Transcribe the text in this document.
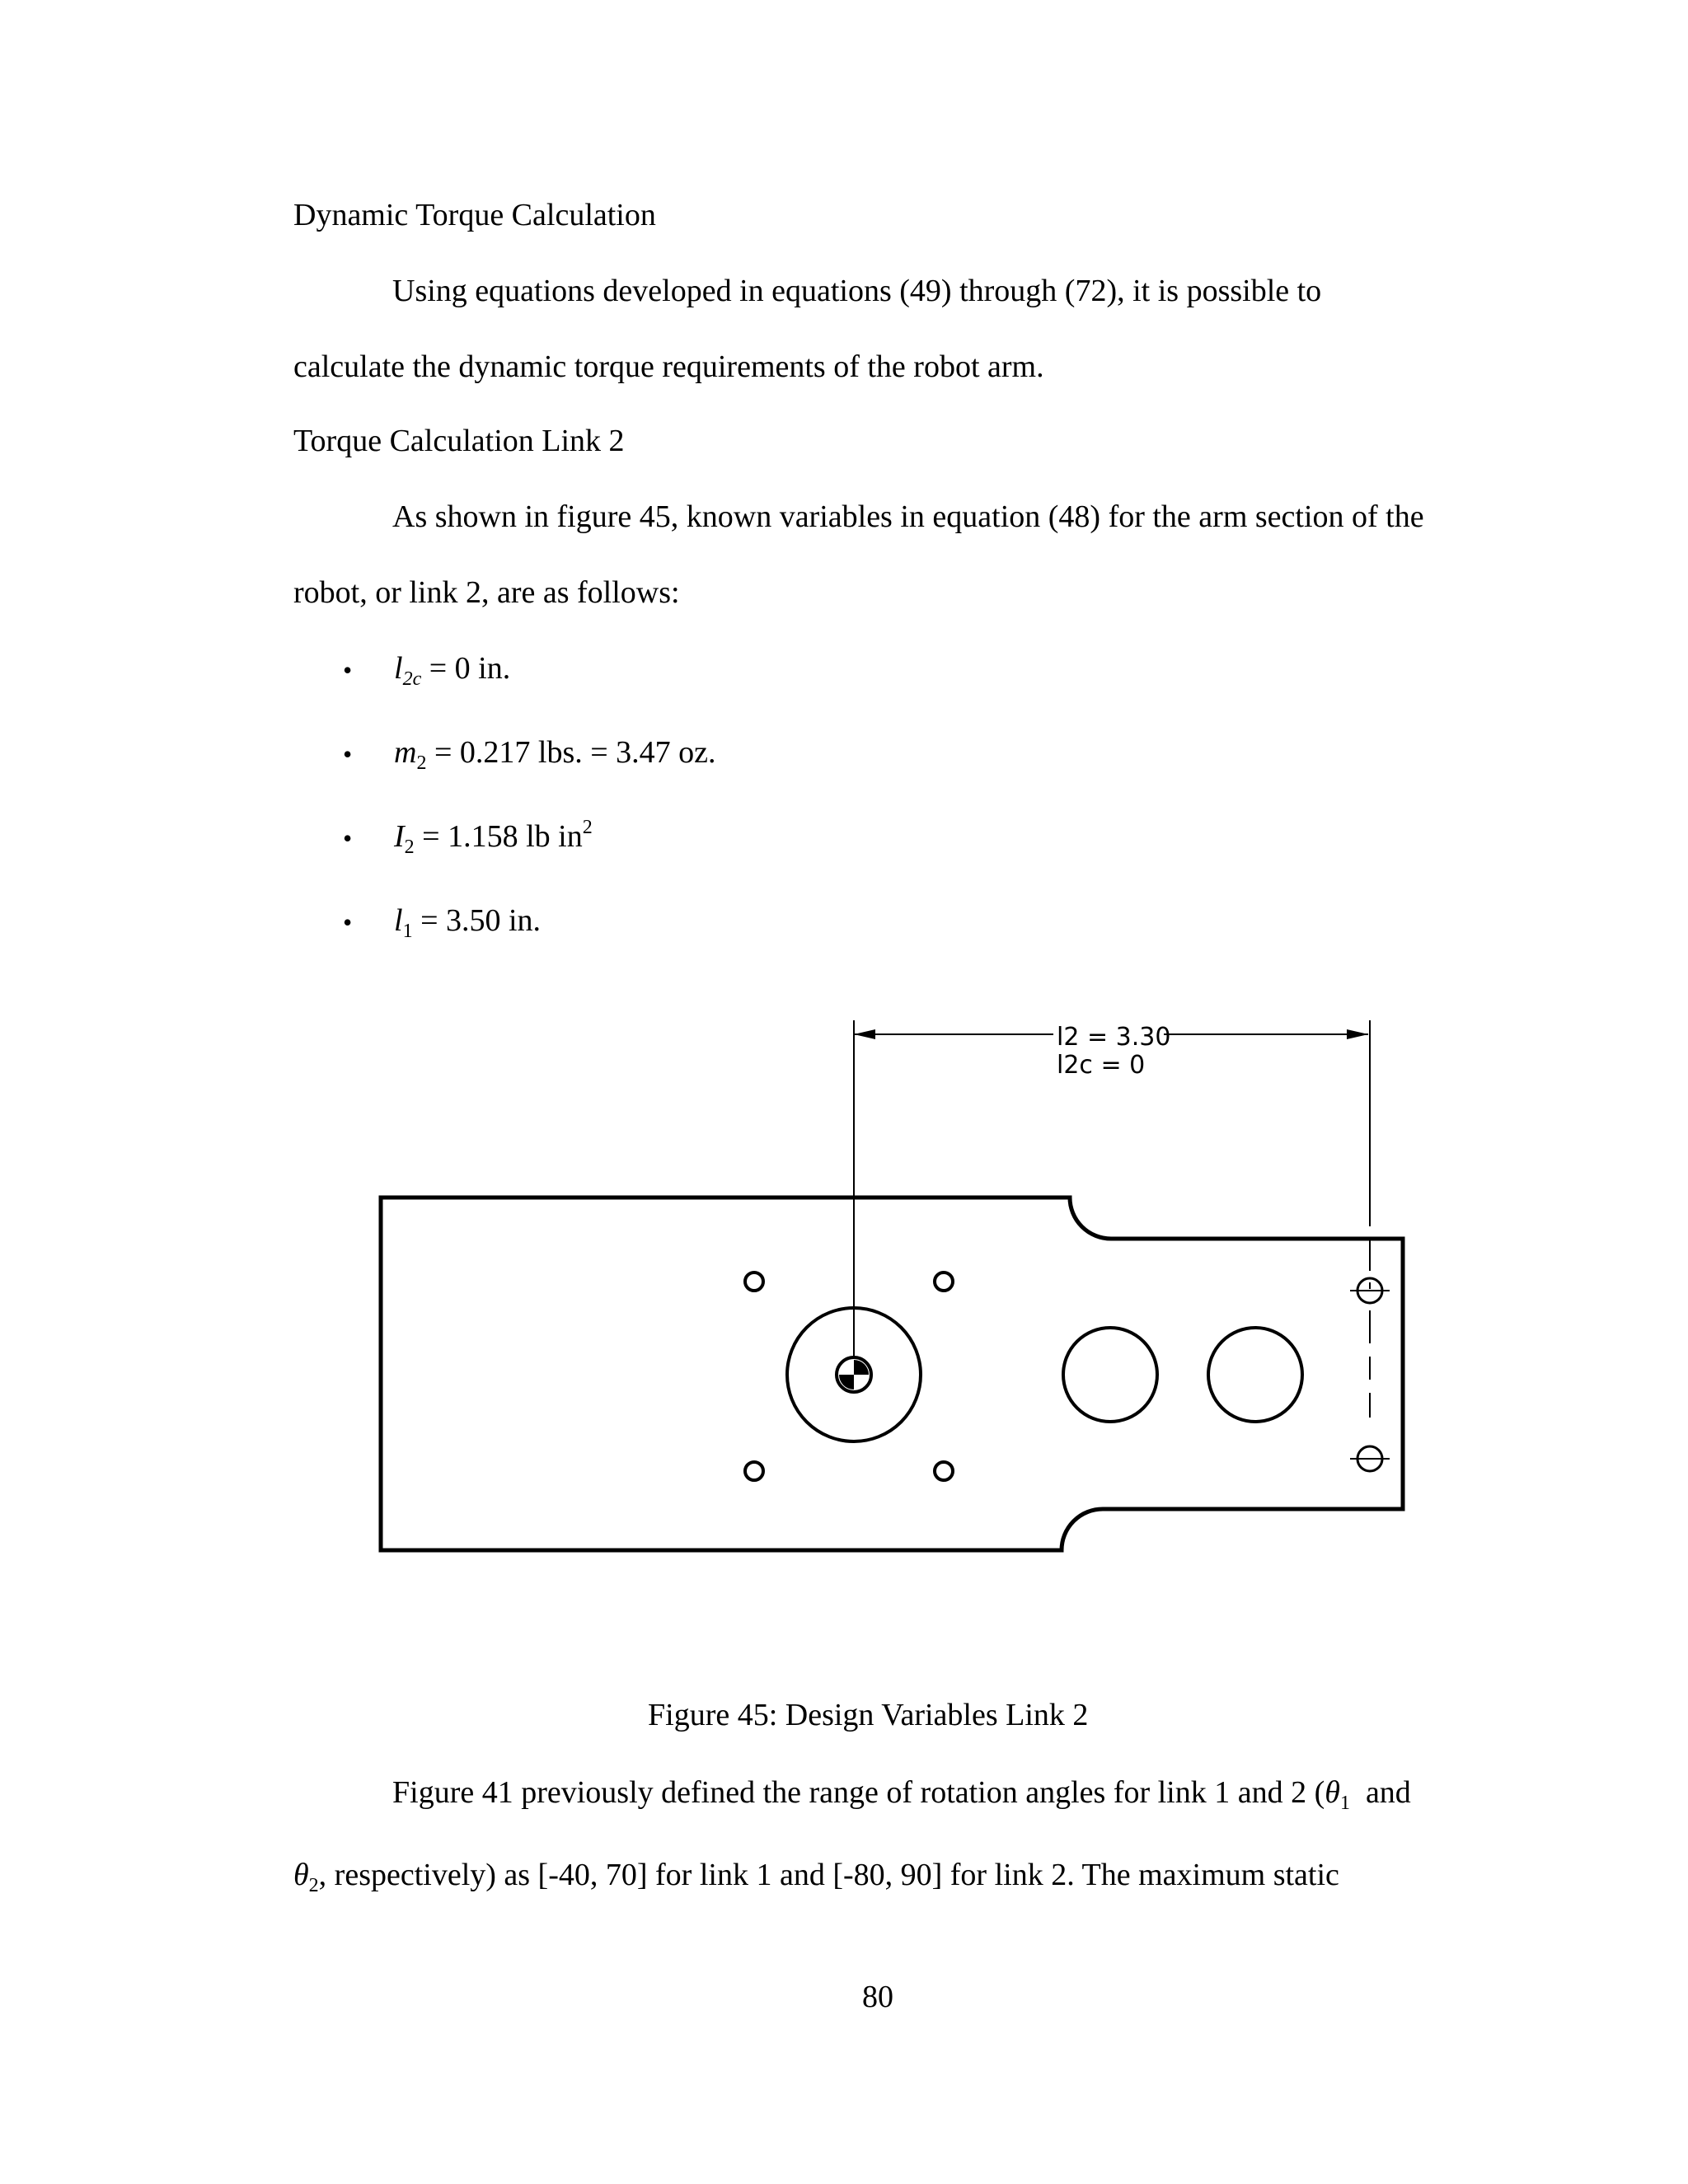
Dynamic Torque Calculation
Using equations developed in equations (49) through (72), it is possible to
calculate the dynamic torque requirements of the robot arm.
Torque Calculation Link 2
As shown in figure 45, known variables in equation (48) for the arm section of the
robot, or link 2, are as follows:
• $l_{2c} = 0$ in.
• $m_2 = 0.217$ lbs. = 3.47 oz.
• $I_2 = 1.158$ lb $in^2$
• $l_1 = 3.50$ in.
l2 = 3.30
l2c = 0
Figure 45: Design Variables Link 2
Figure 41 previously defined the range of rotation angles for link 1 and 2 ($\theta_1$ and
$\theta_2$, respectively) as [-40, 70] for link 1 and [-80, 90] for link 2. The maximum static
80
